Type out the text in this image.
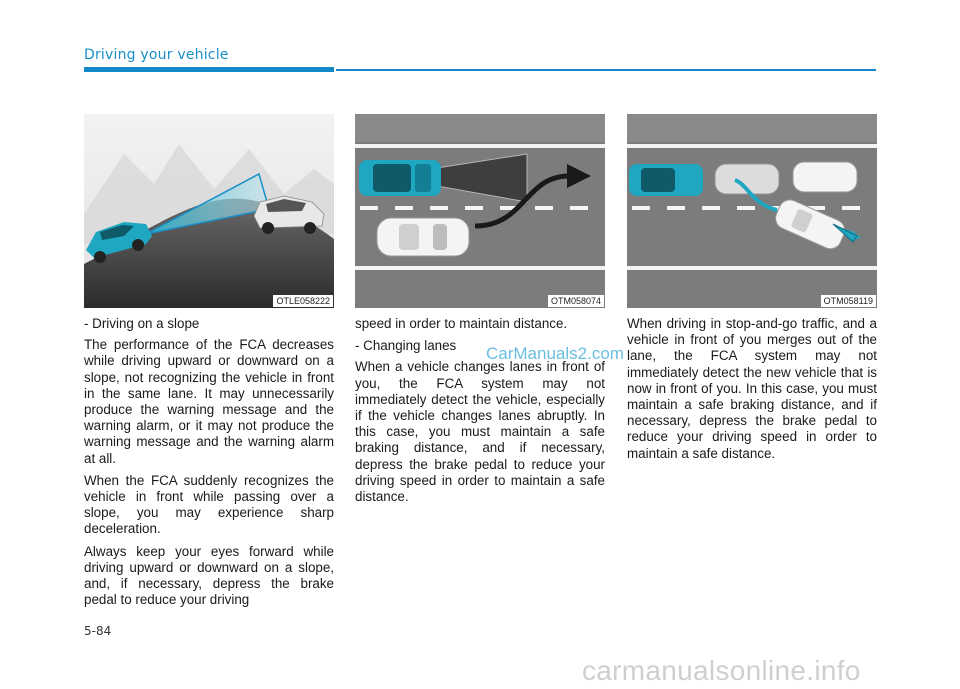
Driving your vehicle
OTLE058222	OTM058074	OTM058119

- Driving on a slope

The performance of the FCA decreases while driving upward or downward on a slope, not recognizing the vehicle in front in the same lane. It may unnecessarily produce the warning message and the warning alarm, or it may not produce the warning message and the warning alarm at all.

When the FCA suddenly recognizes the vehicle in front while passing over a slope, you may experience sharp deceleration.

Always keep your eyes forward while driving upward or downward on a slope, and, if necessary, depress the brake pedal to reduce your driving

speed in order to maintain distance.

- Changing lanes

When a vehicle changes lanes in front of you, the FCA system may not immediately detect the vehicle, especially if the vehicle changes lanes abruptly. In this case, you must maintain a safe braking distance, and if necessary, depress the brake pedal to reduce your driving speed in order to maintain a safe distance.

When driving in stop-and-go traffic, and a vehicle in front of you merges out of the lane, the FCA system may not immediately detect the new vehicle that is now in front of you. In this case, you must maintain a safe braking distance, and if necessary, depress the brake pedal to reduce your driving speed in order to maintain a safe distance.

CarManuals2.com
5-84
carmanualsonline.info
